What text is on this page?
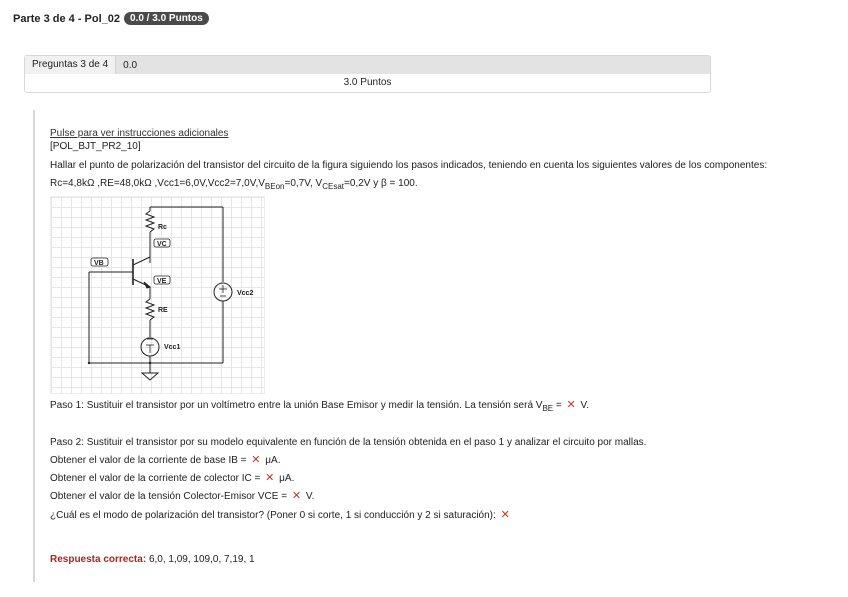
Parte 3 de 4 - Pol_02	0.0 / 3.0 Puntos
Preguntas 3 de 4	0.0
3.0 Puntos
Pulse para ver instrucciones adicionales
[POL_BJT_PR2_10]
Hallar el punto de polarización del transistor del circuito de la figura siguiendo los pasos indicados, teniendo en cuenta los siguientes valores de los componentes:
Rc=4,8kΩ ,RE=48,0kΩ $,Vcc1=6,0V,Vcc2=7,0V,V_{BEon}=0,7V$, $V_{CEsat}=0,2V$ y β = 100.
Rc
VC
VB
VE
RE
Vcc1
Vcc2
Paso 1: Sustituir el transistor por un voltímetro entre la unión Base Emisor y medir la tensión. La tensión será $V_{BE}$ = ✕ V.
Paso 2: Sustituir el transistor por su modelo equivalente en función de la tensión obtenida en el paso 1 y analizar el circuito por mallas.
Obtener el valor de la corriente de base IB = ✕ μA.
Obtener el valor de la corriente de colector IC = ✕ μA.
Obtener el valor de la tensión Colector-Emisor VCE = ✕ V.
¿Cuál es el modo de polarización del transistor? (Poner 0 si corte, 1 si conducción y 2 si saturación): ✕
Respuesta correcta: 6,0, 1,09, 109,0, 7,19, 1
